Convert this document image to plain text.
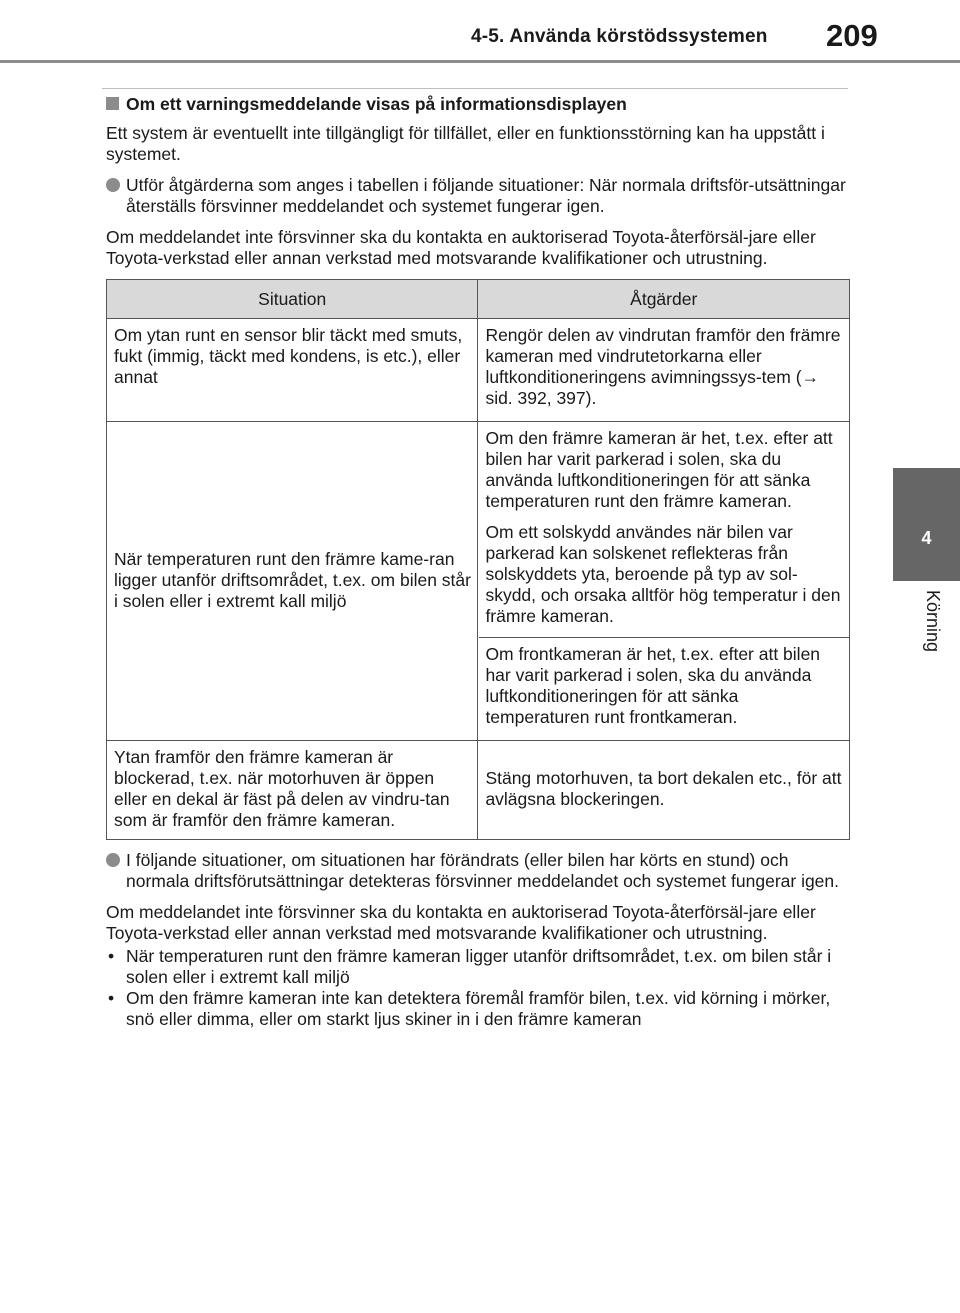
4-5. Använda körstödssystemen 209
4
Körning
Om ett varningsmeddelande visas på informationsdisplayen

Ett system är eventuellt inte tillgängligt för tillfället, eller en funktionsstörning kan ha uppstått i systemet.

Utför åtgärderna som anges i tabellen i följande situationer: När normala driftsför-utsättningar återställs försvinner meddelandet och systemet fungerar igen.

Om meddelandet inte försvinner ska du kontakta en auktoriserad Toyota-återförsäl-jare eller Toyota-verkstad eller annan verkstad med motsvarande kvalifikationer och utrustning.

Situation	Åtgärder
Om ytan runt en sensor blir täckt med smuts, fukt (immig, täckt med kondens, is etc.), eller annat	Rengör delen av vindrutan framför den främre kameran med vindrutetorkarna eller luftkonditioneringens avimningssys-tem (→ sid. 392, 397).
När temperaturen runt den främre kame-ran ligger utanför driftsområdet, t.ex. om bilen står i solen eller i extremt kall miljö	Om den främre kameran är het, t.ex. efter att bilen har varit parkerad i solen, ska du använda luftkonditioneringen för att sänka temperaturen runt den främre kameran.
Om ett solskydd användes när bilen var parkerad kan solskenet reflekteras från solskyddets yta, beroende på typ av sol-skydd, och orsaka alltför hög temperatur i den främre kameran.
Om frontkameran är het, t.ex. efter att bilen har varit parkerad i solen, ska du använda luftkonditioneringen för att sänka temperaturen runt frontkameran.

Ytan framför den främre kameran är blockerad, t.ex. när motorhuven är öppen eller en dekal är fäst på delen av vindru-tan som är framför den främre kameran.	Stäng motorhuven, ta bort dekalen etc., för att avlägsna blockeringen.
I följande situationer, om situationen har förändrats (eller bilen har körts en stund) och normala driftsförutsättningar detekteras försvinner meddelandet och systemet fungerar igen.

Om meddelandet inte försvinner ska du kontakta en auktoriserad Toyota-återförsäl-jare eller Toyota-verkstad eller annan verkstad med motsvarande kvalifikationer och utrustning.

• När temperaturen runt den främre kameran ligger utanför driftsområdet, t.ex. om bilen står i solen eller i extremt kall miljö
• Om den främre kameran inte kan detektera föremål framför bilen, t.ex. vid körning i mörker, snö eller dimma, eller om starkt ljus skiner in i den främre kameran
